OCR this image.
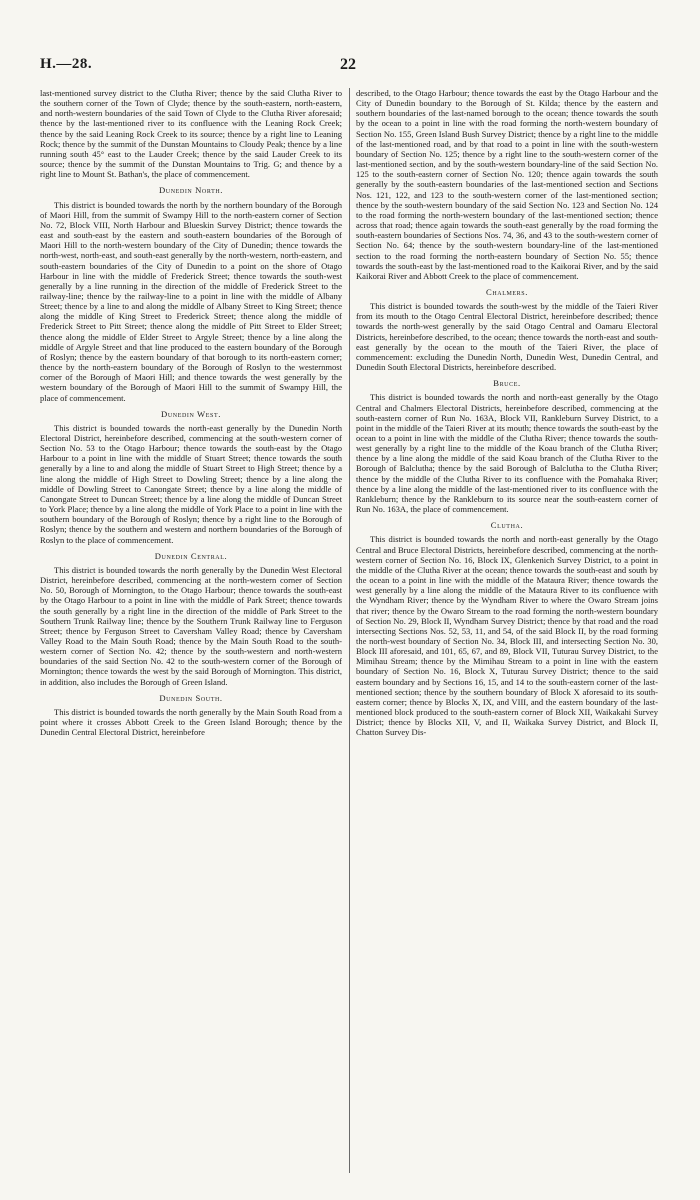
H.—28.	22

last-mentioned survey district to the Clutha River; thence by the said Clutha River to the southern corner of the Town of Clyde; thence by the south-eastern, north-eastern, and north-western boundaries of the said Town of Clyde to the Clutha River aforesaid; thence by the last-mentioned river to its confluence with the Leaning Rock Creek; thence by the said Leaning Rock Creek to its source; thence by a right line to Leaning Rock; thence by the summit of the Dunstan Mountains to Cloudy Peak; thence by a line running south 45° east to the Lauder Creek; thence by the said Lauder Creek to its source; thence by the summit of the Dunstan Mountains to Trig. G; and thence by a right line to Mount St. Bathan's, the place of commencement.

Dunedin North.

This district is bounded towards the north by the northern boundary of the Borough of Maori Hill, from the summit of Swampy Hill to the north-eastern corner of Section No. 72, Block VIII, North Harbour and Blueskin Survey District; thence towards the east and south-east by the eastern and south-eastern boundaries of the Borough of Maori Hill to the north-western boundary of the City of Dunedin; thence towards the north-west, north-east, and south-east generally by the north-western, north-eastern, and south-eastern boundaries of the City of Dunedin to a point on the shore of Otago Harbour in line with the middle of Frederick Street; thence towards the south-west generally by a line running in the direction of the middle of Frederick Street to the railway-line; thence by the railway-line to a point in line with the middle of Albany Street; thence by a line to and along the middle of Albany Street to King Street; thence along the middle of King Street to Frederick Street; thence along the middle of Frederick Street to Pitt Street; thence along the middle of Pitt Street to Elder Street; thence along the middle of Elder Street to Argyle Street; thence by a line along the middle of Argyle Street and that line produced to the eastern boundary of the Borough of Roslyn; thence by the eastern boundary of that borough to its north-eastern corner; thence by the north-eastern boundary of the Borough of Roslyn to the westernmost corner of the Borough of Maori Hill; and thence towards the west generally by the western boundary of the Borough of Maori Hill to the summit of Swampy Hill, the place of commencement.

Dunedin West.

This district is bounded towards the north-east generally by the Dunedin North Electoral District, hereinbefore described, commencing at the south-western corner of Section No. 53 to the Otago Harbour; thence towards the south-east by the Otago Harbour to a point in line with the middle of Stuart Street; thence towards the south generally by a line to and along the middle of Stuart Street to High Street; thence by a line along the middle of High Street to Dowling Street; thence by a line along the middle of Dowling Street to Canongate Street; thence by a line along the middle of Canongate Street to Duncan Street; thence by a line along the middle of Duncan Street to York Place; thence by a line along the middle of York Place to a point in line with the southern boundary of the Borough of Roslyn; thence by a right line to the Borough of Roslyn; thence by the southern and western and northern boundaries of the Borough of Roslyn to the place of commencement.

Dunedin Central.

This district is bounded towards the north generally by the Dunedin West Electoral District, hereinbefore described, commencing at the north-western corner of Section No. 50, Borough of Mornington, to the Otago Harbour; thence towards the south-east by the Otago Harbour to a point in line with the middle of Park Street; thence towards the south generally by a right line in the direction of the middle of Park Street to the Southern Trunk Railway line; thence by the Southern Trunk Railway line to Ferguson Street; thence by Ferguson Street to Caversham Valley Road; thence by Caversham Valley Road to the Main South Road; thence by the Main South Road to the south-western corner of Section No. 42; thence by the south-western and north-western boundaries of the said Section No. 42 to the south-western corner of the Borough of Mornington; thence towards the west by the said Borough of Mornington. This district, in addition, also includes the Borough of Green Island.

Dunedin South.

This district is bounded towards the north generally by the Main South Road from a point where it crosses Abbott Creek to the Green Island Borough; thence by the Dunedin Central Electoral District, hereinbefore

described, to the Otago Harbour; thence towards the east by the Otago Harbour and the City of Dunedin boundary to the Borough of St. Kilda; thence by the eastern and southern boundaries of the last-named borough to the ocean; thence towards the south by the ocean to a point in line with the road forming the north-western boundary of Section No. 155, Green Island Bush Survey District; thence by a right line to the middle of the last-mentioned road, and by that road to a point in line with the south-western boundary of Section No. 125; thence by a right line to the south-western corner of the last-mentioned section, and by the south-western boundary-line of the said Section No. 125 to the south-eastern corner of Section No. 120; thence again towards the south generally by the south-eastern boundaries of the last-mentioned section and Sections Nos. 121, 122, and 123 to the south-western corner of the last-mentioned section; thence by the south-western boundary of the said Section No. 123 and Section No. 124 to the road forming the north-western boundary of the last-mentioned section; thence across that road; thence again towards the south-east generally by the road forming the south-eastern boundaries of Sections Nos. 74, 36, and 43 to the south-western corner of Section No. 64; thence by the south-western boundary-line of the last-mentioned section to the road forming the north-eastern boundary of Section No. 55; thence towards the south-east by the last-mentioned road to the Kaikorai River, and by the said Kaikorai River and Abbott Creek to the place of commencement.

Chalmers.

This district is bounded towards the south-west by the middle of the Taieri River from its mouth to the Otago Central Electoral District, hereinbefore described; thence towards the north-west generally by the said Otago Central and Oamaru Electoral Districts, hereinbefore described, to the ocean; thence towards the north-east and south-east generally by the ocean to the mouth of the Taieri River, the place of commencement: excluding the Dunedin North, Dunedin West, Dunedin Central, and Dunedin South Electoral Districts, hereinbefore described.

Bruce.

This district is bounded towards the north and north-east generally by the Otago Central and Chalmers Electoral Districts, hereinbefore described, commencing at the south-eastern corner of Run No. 163A, Block VII, Rankleburn Survey District, to a point in the middle of the Taieri River at its mouth; thence towards the south-east by the ocean to a point in line with the middle of the Clutha River; thence towards the south-west generally by a right line to the middle of the Koau branch of the Clutha River; thence by a line along the middle of the said Koau branch of the Clutha River to the Borough of Balclutha; thence by the said Borough of Balclutha to the Clutha River; thence by the middle of the Clutha River to its confluence with the Pomahaka River; thence by a line along the middle of the last-mentioned river to its confluence with the Rankleburn; thence by the Rankleburn to its source near the south-eastern corner of Run No. 163A, the place of commencement.

Clutha.

This district is bounded towards the north and north-east generally by the Otago Central and Bruce Electoral Districts, hereinbefore described, commencing at the north-western corner of Section No. 16, Block IX, Glenkenich Survey District, to a point in the middle of the Clutha River at the ocean; thence towards the south-east and south by the ocean to a point in line with the middle of the Mataura River; thence towards the west generally by a line along the middle of the Mataura River to its confluence with the Wyndham River; thence by the Wyndham River to where the Owaro Stream joins that river; thence by the Owaro Stream to the road forming the north-western boundary of Section No. 29, Block II, Wyndham Survey District; thence by that road and the road intersecting Sections Nos. 52, 53, 11, and 54, of the said Block II, by the road forming the north-west boundary of Section No. 34, Block III, and intersecting Section No. 30, Block III aforesaid, and 101, 65, 67, and 89, Block VII, Tuturau Survey District, to the Mimihau Stream; thence by the Mimihau Stream to a point in line with the eastern boundary of Section No. 16, Block X, Tuturau Survey District; thence to the said eastern boundary and by Sections 16, 15, and 14 to the south-eastern corner of the last-mentioned section; thence by the southern boundary of Block X aforesaid to its south-eastern corner; thence by Blocks X, IX, and VIII, and the eastern boundary of the last-mentioned block produced to the south-eastern corner of Block XII, Waikakahi Survey District; thence by Blocks XII, V, and II, Waikaka Survey District, and Block II, Chatton Survey Dis-
